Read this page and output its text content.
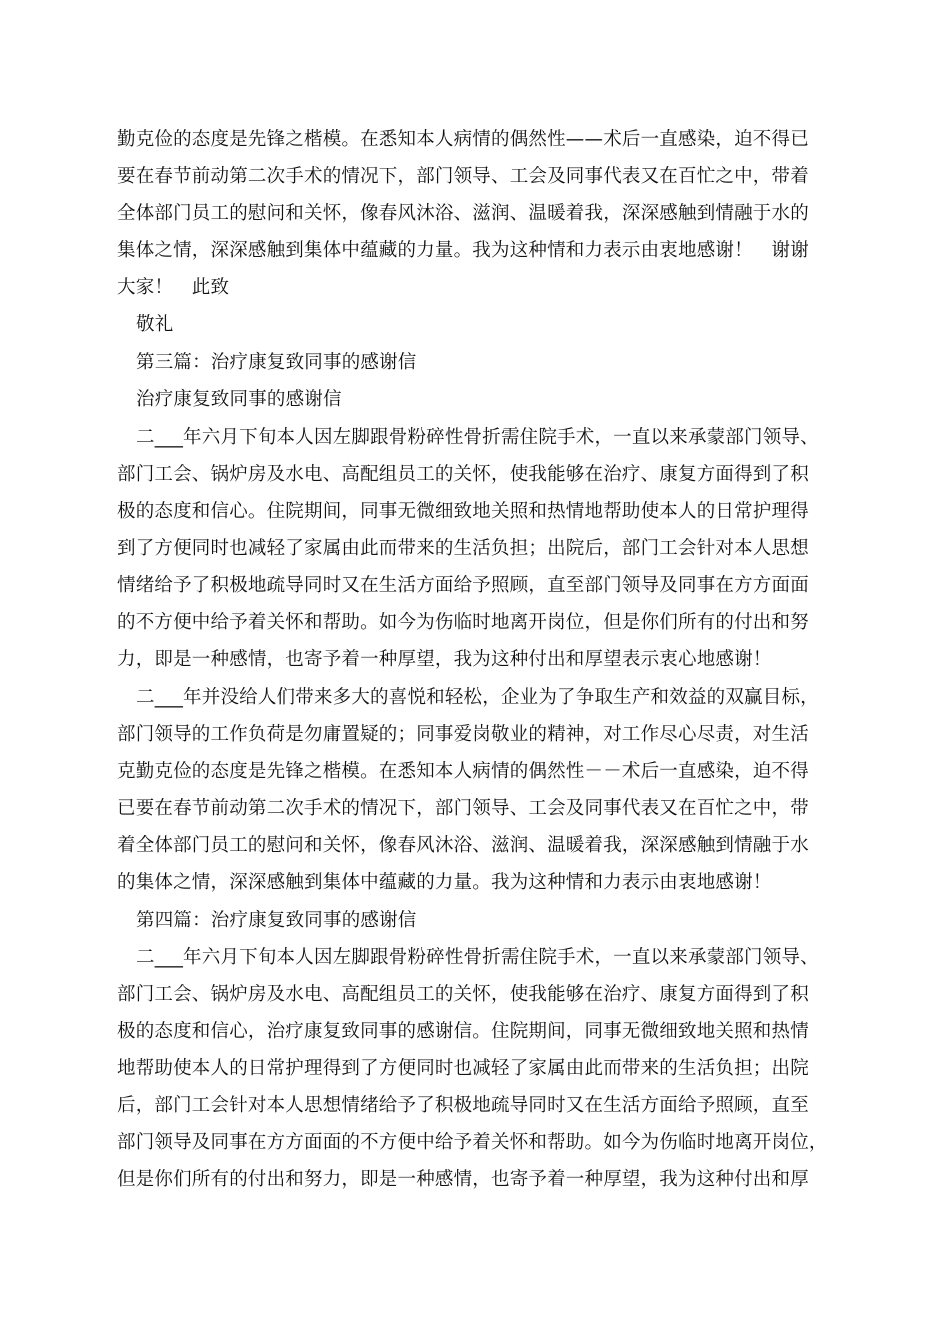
勤克俭的态度是先锋之楷模。在悉知本人病情的偶然性——术后一直感染，迫不得已
要在春节前动第二次手术的情况下，部门领导、工会及同事代表又在百忙之中，带着
全体部门员工的慰问和关怀，像春风沐浴、滋润、温暖着我，深深感触到情融于水的
集体之情，深深感触到集体中蕴藏的力量。我为这种情和力表示由衷地感谢！　谢谢
大家！　此致
敬礼
第三篇：治疗康复致同事的感谢信
治疗康复致同事的感谢信
二___年六月下旬本人因左脚跟骨粉碎性骨折需住院手术，一直以来承蒙部门领导、
部门工会、锅炉房及水电、高配组员工的关怀，使我能够在治疗、康复方面得到了积
极的态度和信心。住院期间，同事无微细致地关照和热情地帮助使本人的日常护理得
到了方便同时也减轻了家属由此而带来的生活负担；出院后，部门工会针对本人思想
情绪给予了积极地疏导同时又在生活方面给予照顾，直至部门领导及同事在方方面面
的不方便中给予着关怀和帮助。如今为伤临时地离开岗位，但是你们所有的付出和努
力，即是一种感情，也寄予着一种厚望，我为这种付出和厚望表示衷心地感谢！
二___年并没给人们带来多大的喜悦和轻松，企业为了争取生产和效益的双赢目标，
部门领导的工作负荷是勿庸置疑的；同事爱岗敬业的精神，对工作尽心尽责，对生活
克勤克俭的态度是先锋之楷模。在悉知本人病情的偶然性－－术后一直感染，迫不得
已要在春节前动第二次手术的情况下，部门领导、工会及同事代表又在百忙之中，带
着全体部门员工的慰问和关怀，像春风沐浴、滋润、温暖着我，深深感触到情融于水
的集体之情，深深感触到集体中蕴藏的力量。我为这种情和力表示由衷地感谢！
第四篇：治疗康复致同事的感谢信
二___年六月下旬本人因左脚跟骨粉碎性骨折需住院手术，一直以来承蒙部门领导、
部门工会、锅炉房及水电、高配组员工的关怀，使我能够在治疗、康复方面得到了积
极的态度和信心，治疗康复致同事的感谢信。住院期间，同事无微细致地关照和热情
地帮助使本人的日常护理得到了方便同时也减轻了家属由此而带来的生活负担；出院
后，部门工会针对本人思想情绪给予了积极地疏导同时又在生活方面给予照顾，直至
部门领导及同事在方方面面的不方便中给予着关怀和帮助。如今为伤临时地离开岗位，
但是你们所有的付出和努力，即是一种感情，也寄予着一种厚望，我为这种付出和厚
